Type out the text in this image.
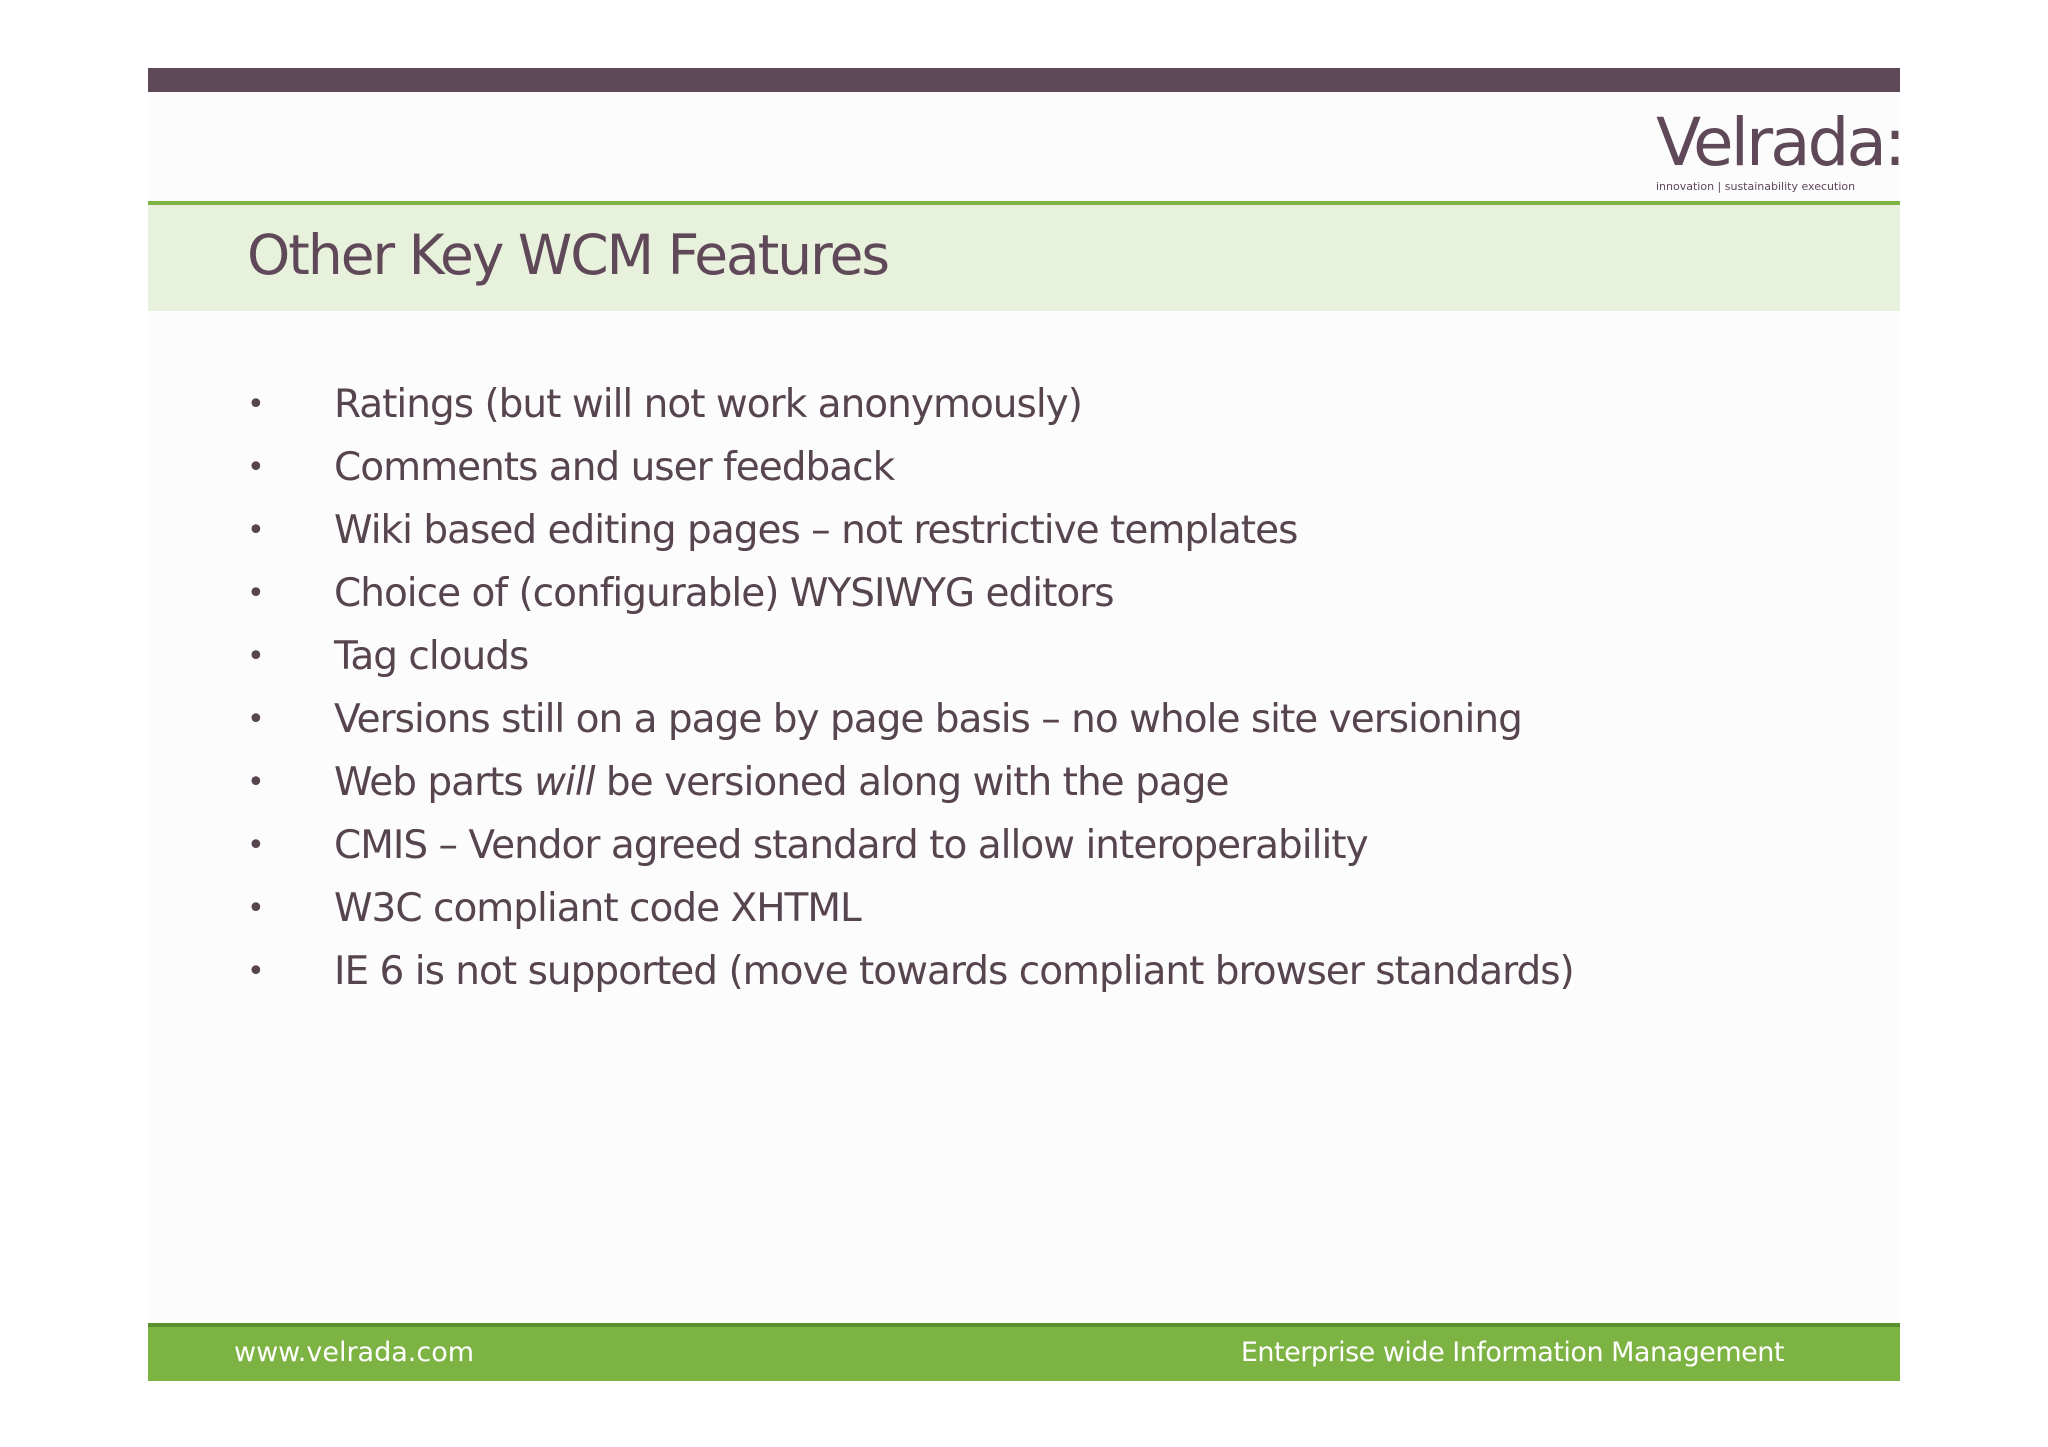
Velrada:
innovation | sustainability execution
Other Key WCM Features
• Ratings (but will not work anonymously)
• Comments and user feedback
• Wiki based editing pages – not restrictive templates
• Choice of (configurable) WYSIWYG editors
• Tag clouds
• Versions still on a page by page basis – no whole site versioning
• Web parts will be versioned along with the page
• CMIS – Vendor agreed standard to allow interoperability
• W3C compliant code XHTML
• IE 6 is not supported (move towards compliant browser standards)
www.velrada.com	Enterprise wide Information Management
